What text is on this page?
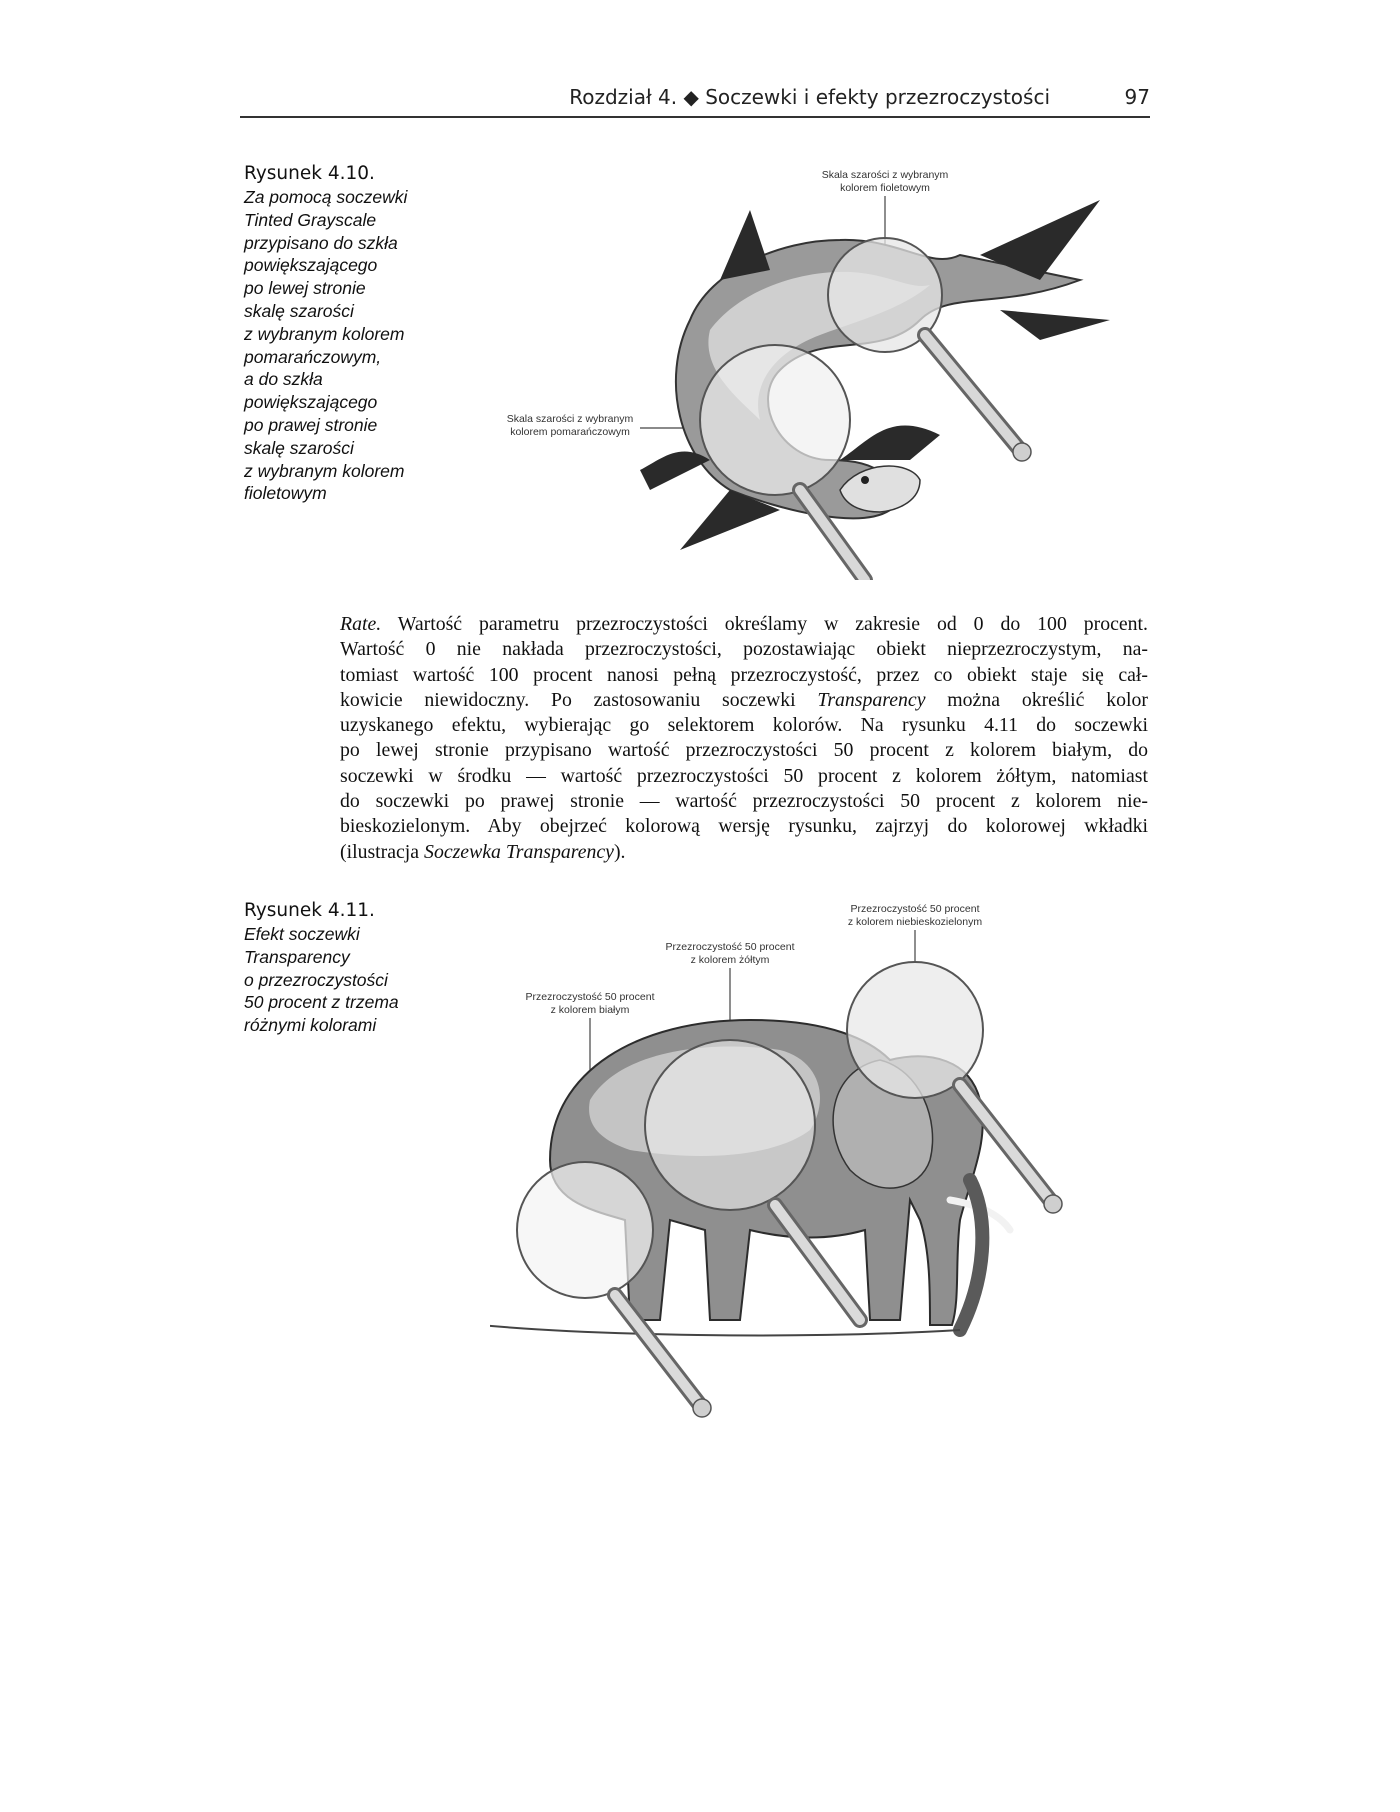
Rozdział 4. ◆ Soczewki i efekty przezroczystości	97
Rysunek 4.10.
Za pomocą soczewki
Tinted Grayscale
przypisano do szkła
powiększającego
po lewej stronie
skalę szarości
z wybranym kolorem
pomarańczowym,
a do szkła
powiększającego
po prawej stronie
skalę szarości
z wybranym kolorem
fioletowym
Skala szarości z wybranym
kolorem fioletowym
Skala szarości z wybranym
kolorem pomarańczowym
Rate. Wartość parametru przezroczystości określamy w zakresie od 0 do 100 procent.
Wartość 0 nie nakłada przezroczystości, pozostawiając obiekt nieprzezroczystym, na-
tomiast wartość 100 procent nanosi pełną przezroczystość, przez co obiekt staje się cał-
kowicie niewidoczny. Po zastosowaniu soczewki Transparency można określić kolor
uzyskanego efektu, wybierając go selektorem kolorów. Na rysunku 4.11 do soczewki
po lewej stronie przypisano wartość przezroczystości 50 procent z kolorem białym, do
soczewki w środku — wartość przezroczystości 50 procent z kolorem żółtym, natomiast
do soczewki po prawej stronie — wartość przezroczystości 50 procent z kolorem nie-
bieskozielonym. Aby obejrzeć kolorową wersję rysunku, zajrzyj do kolorowej wkładki
(ilustracja Soczewka Transparency).
Rysunek 4.11.
Efekt soczewki
Transparency
o przezroczystości
50 procent z trzema
różnymi kolorami
Przezroczystość 50 procent
z kolorem niebieskozielonym
Przezroczystość 50 procent
z kolorem żółtym
Przezroczystość 50 procent
z kolorem białym
